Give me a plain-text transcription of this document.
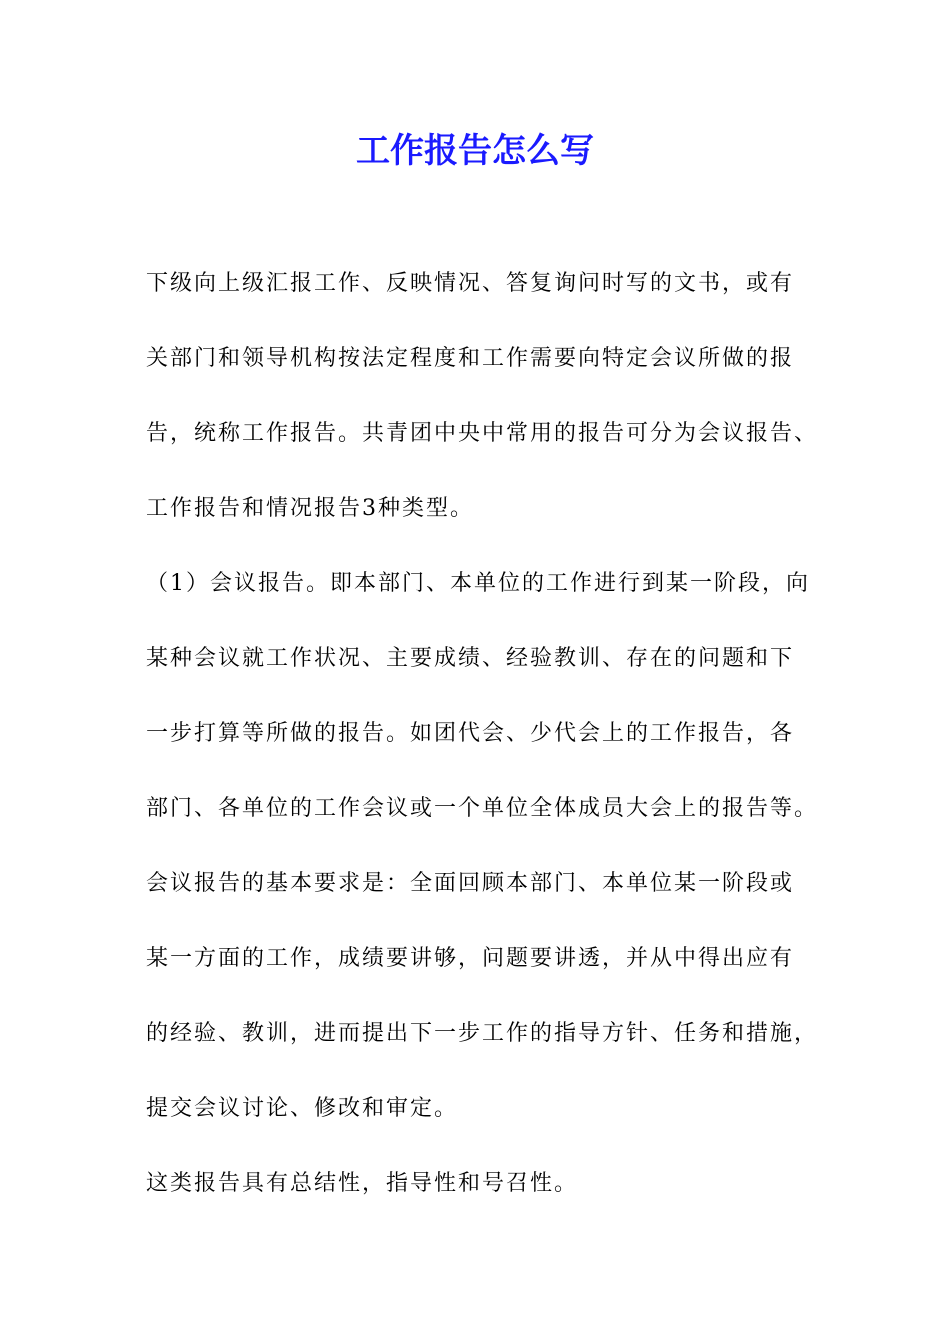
工作报告怎么写
下级向上级汇报工作、反映情况、答复询问时写的文书，或有
关部门和领导机构按法定程度和工作需要向特定会议所做的报
告，统称工作报告。共青团中央中常用的报告可分为会议报告、
工作报告和情况报告3种类型。
（1）会议报告。即本部门、本单位的工作进行到某一阶段，向
某种会议就工作状况、主要成绩、经验教训、存在的问题和下
一步打算等所做的报告。如团代会、少代会上的工作报告，各
部门、各单位的工作会议或一个单位全体成员大会上的报告等。
会议报告的基本要求是：全面回顾本部门、本单位某一阶段或
某一方面的工作，成绩要讲够，问题要讲透，并从中得出应有
的经验、教训，进而提出下一步工作的指导方针、任务和措施，
提交会议讨论、修改和审定。
这类报告具有总结性，指导性和号召性。
